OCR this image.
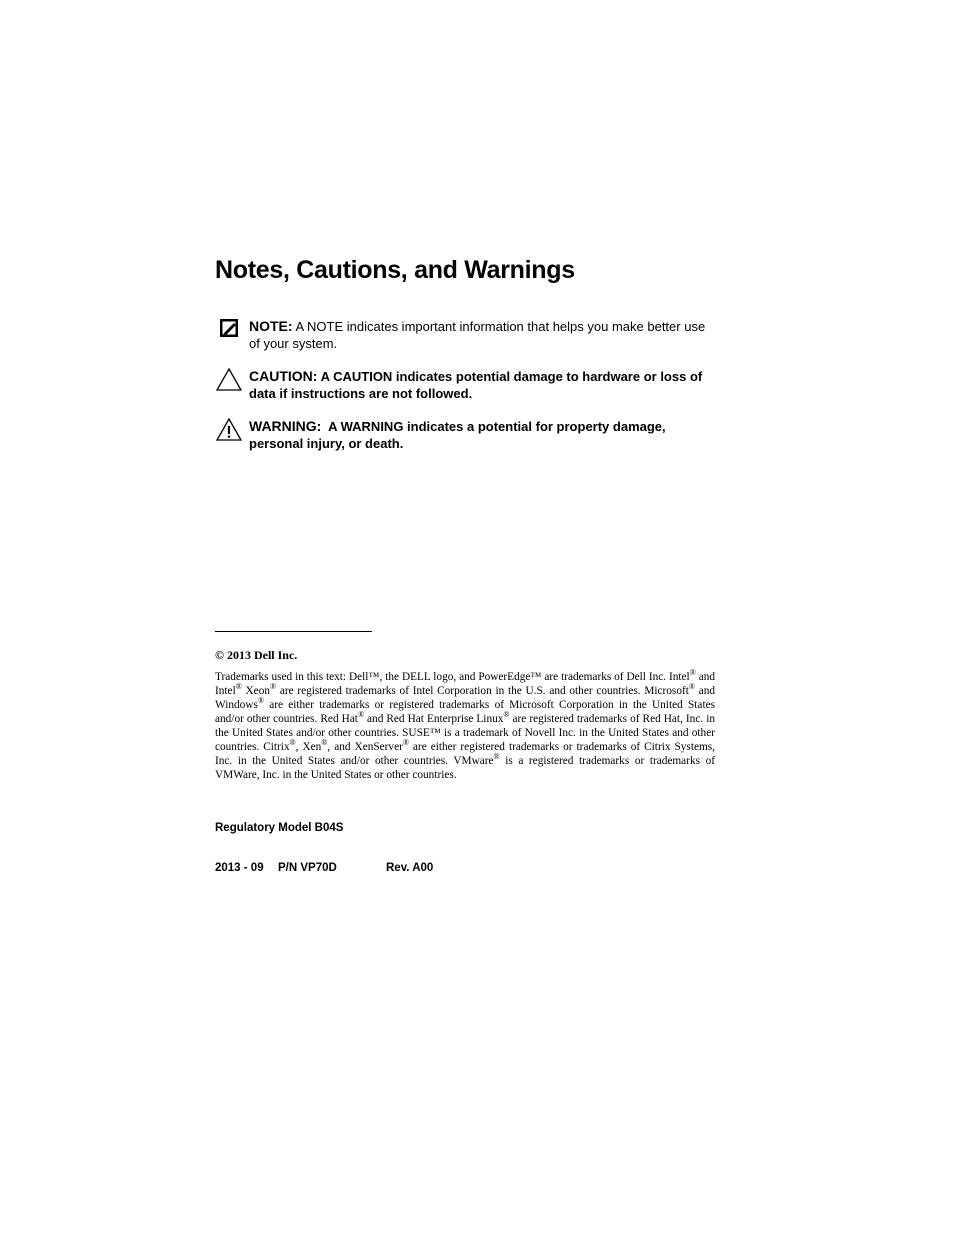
Notes, Cautions, and Warnings
NOTE: A NOTE indicates important information that helps you make better use of your system.
CAUTION: A CAUTION indicates potential damage to hardware or loss of data if instructions are not followed.
WARNING: A WARNING indicates a potential for property damage, personal injury, or death.
© 2013 Dell Inc.

Trademarks used in this text: Dell™, the DELL logo, and PowerEdge™ are trademarks of Dell Inc. Intel® and Intel® Xeon® are registered trademarks of Intel Corporation in the U.S. and other countries. Microsoft® and Windows® are either trademarks or registered trademarks of Microsoft Corporation in the United States and/or other countries. Red Hat® and Red Hat Enterprise Linux® are registered trademarks of Red Hat, Inc. in the United States and/or other countries. SUSE™ is a trademark of Novell Inc. in the United States and other countries. Citrix®, Xen®, and XenServer® are either registered trademarks or trademarks of Citrix Systems, Inc. in the United States and/or other countries. VMware® is a registered trademarks or trademarks of VMWare, Inc. in the United States or other countries.

Regulatory Model B04S
2013 - 09 P/N VP70D	Rev. A00
